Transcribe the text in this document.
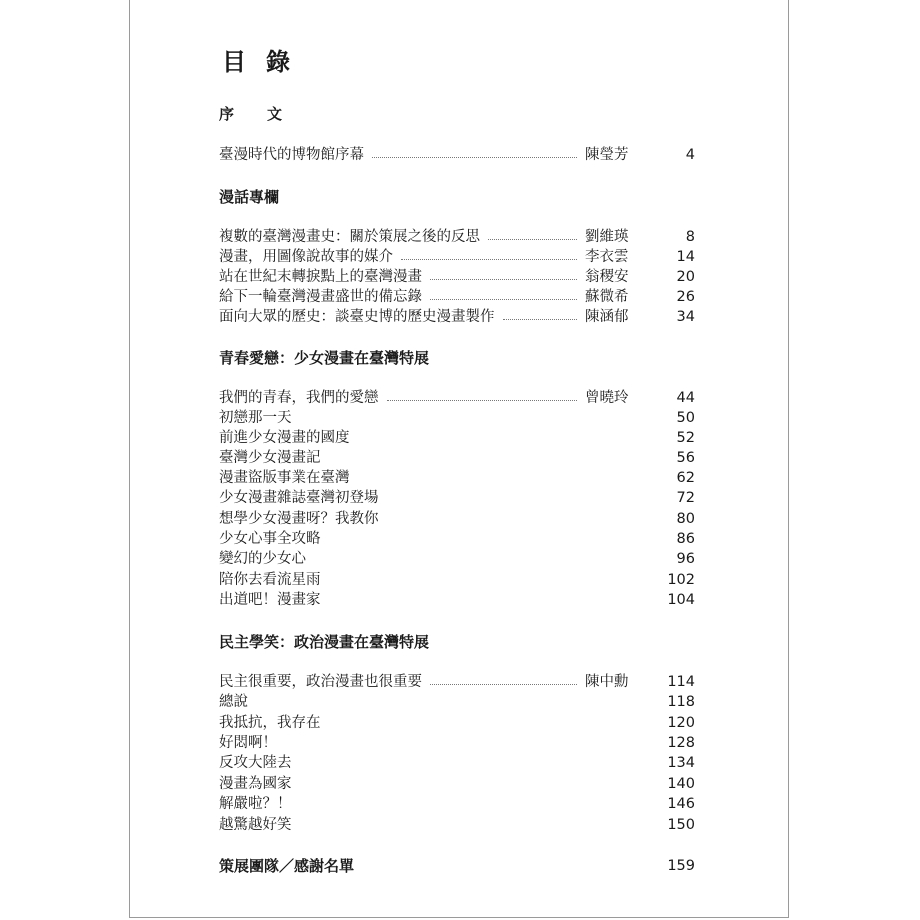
目錄
序文
臺漫時代的博物館序幕	陳瑩芳	4
漫話專欄
複數的臺灣漫畫史：關於策展之後的反思	劉維瑛	8
漫畫，用圖像說故事的媒介	李衣雲	14
站在世紀末轉捩點上的臺灣漫畫	翁稷安	20
給下一輪臺灣漫畫盛世的備忘錄	蘇微希	26
面向大眾的歷史：談臺史博的歷史漫畫製作	陳涵郁	34
青春愛戀：少女漫畫在臺灣特展
我們的青春，我們的愛戀	曾曉玲	44
初戀那一天	50
前進少女漫畫的國度	52
臺灣少女漫畫記	56
漫畫盜版事業在臺灣	62
少女漫畫雜誌臺灣初登場	72
想學少女漫畫呀？我教你	80
少女心事全攻略	86
變幻的少女心	96
陪你去看流星雨	102
出道吧！漫畫家	104
民主學笑：政治漫畫在臺灣特展
民主很重要，政治漫畫也很重要	陳中勳	114
總說	118
我抵抗，我存在	120
好悶啊！	128
反攻大陸去	134
漫畫為國家	140
解嚴啦？！	146
越驚越好笑	150
策展團隊／感謝名單	159
